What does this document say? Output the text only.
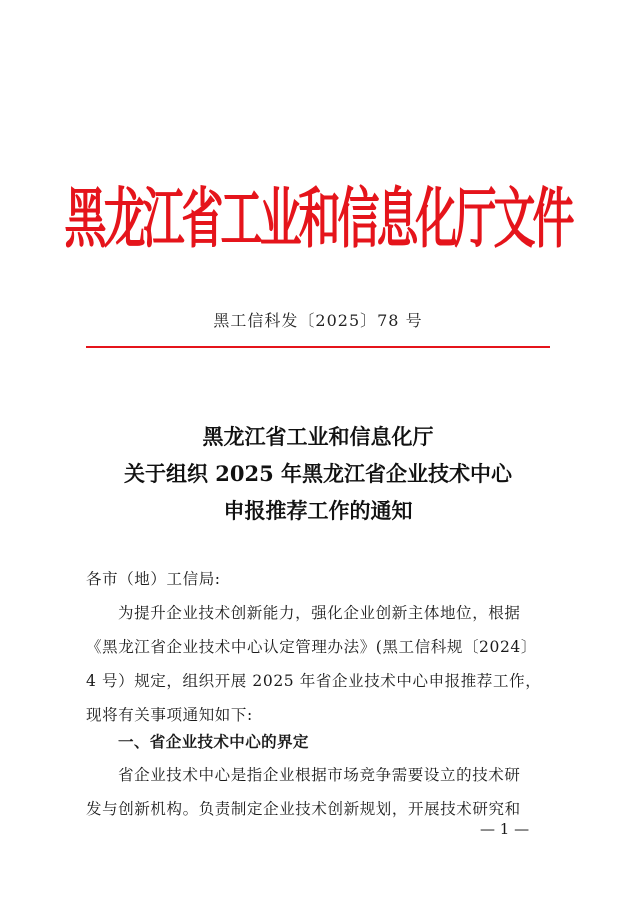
黑龙江省工业和信息化厅文件
黑工信科发〔2025〕78 号
黑龙江省工业和信息化厅
关于组织 2025 年黑龙江省企业技术中心
申报推荐工作的通知
各市（地）工信局:
为提升企业技术创新能力，强化企业创新主体地位，根据
《黑龙江省企业技术中心认定管理办法》(黑工信科规〔2024〕
4 号）规定，组织开展 2025 年省企业技术中心申报推荐工作，
现将有关事项通知如下:
一、省企业技术中心的界定
省企业技术中心是指企业根据市场竞争需要设立的技术研
发与创新机构。负责制定企业技术创新规划，开展技术研究和
— 1 —
